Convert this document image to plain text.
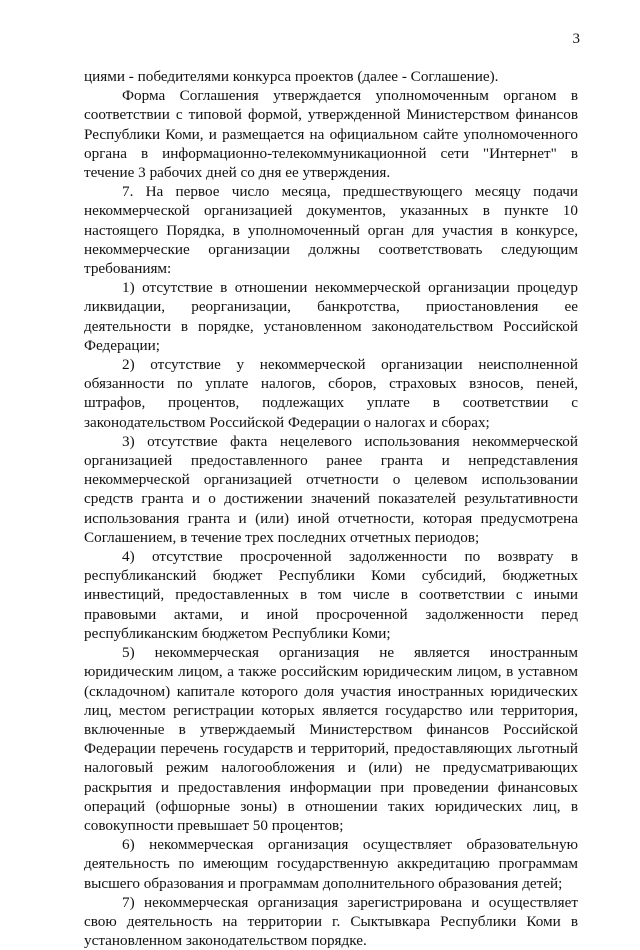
3

циями - победителями конкурса проектов (далее - Соглашение).

Форма Соглашения утверждается уполномоченным органом в соответствии с типовой формой, утвержденной Министерством финансов Республики Коми, и размещается на официальном сайте уполномоченного органа в информационно-телекоммуникационной сети "Интернет" в течение 3 рабочих дней со дня ее утверждения.

7. На первое число месяца, предшествующего месяцу подачи некоммерческой организацией документов, указанных в пункте 10 настоящего Порядка, в уполномоченный орган для участия в конкурсе, некоммерческие организации должны соответствовать следующим требованиям:

1) отсутствие в отношении некоммерческой организации процедур ликвидации, реорганизации, банкротства, приостановления ее деятельности в порядке, установленном законодательством Российской Федерации;

2) отсутствие у некоммерческой организации неисполненной обязанности по уплате налогов, сборов, страховых взносов, пеней, штрафов, процентов, подлежащих уплате в соответствии с законодательством Российской Федерации о налогах и сборах;

3) отсутствие факта нецелевого использования некоммерческой организацией предоставленного ранее гранта и непредставления некоммерческой организацией отчетности о целевом использовании средств гранта и о достижении значений показателей результативности использования гранта и (или) иной отчетности, которая предусмотрена Соглашением, в течение трех последних отчетных периодов;

4) отсутствие просроченной задолженности по возврату в республиканский бюджет Республики Коми субсидий, бюджетных инвестиций, предоставленных в том числе в соответствии с иными правовыми актами, и иной просроченной задолженности перед республиканским бюджетом Республики Коми;

5) некоммерческая организация не является иностранным юридическим лицом, а также российским юридическим лицом, в уставном (складочном) капитале которого доля участия иностранных юридических лиц, местом регистрации которых является государство или территория, включенные в утверждаемый Министерством финансов Российской Федерации перечень государств и территорий, предоставляющих льготный налоговый режим налогообложения и (или) не предусматривающих раскрытия и предоставления информации при проведении финансовых операций (офшорные зоны) в отношении таких юридических лиц, в совокупности превышает 50 процентов;

6) некоммерческая организация осуществляет образовательную деятельность по имеющим государственную аккредитацию программам высшего образования и программам дополнительного образования детей;

7) некоммерческая организация зарегистрирована и осуществляет свою деятельность на территории г. Сыктывкара Республики Коми в установленном законодательством порядке.
